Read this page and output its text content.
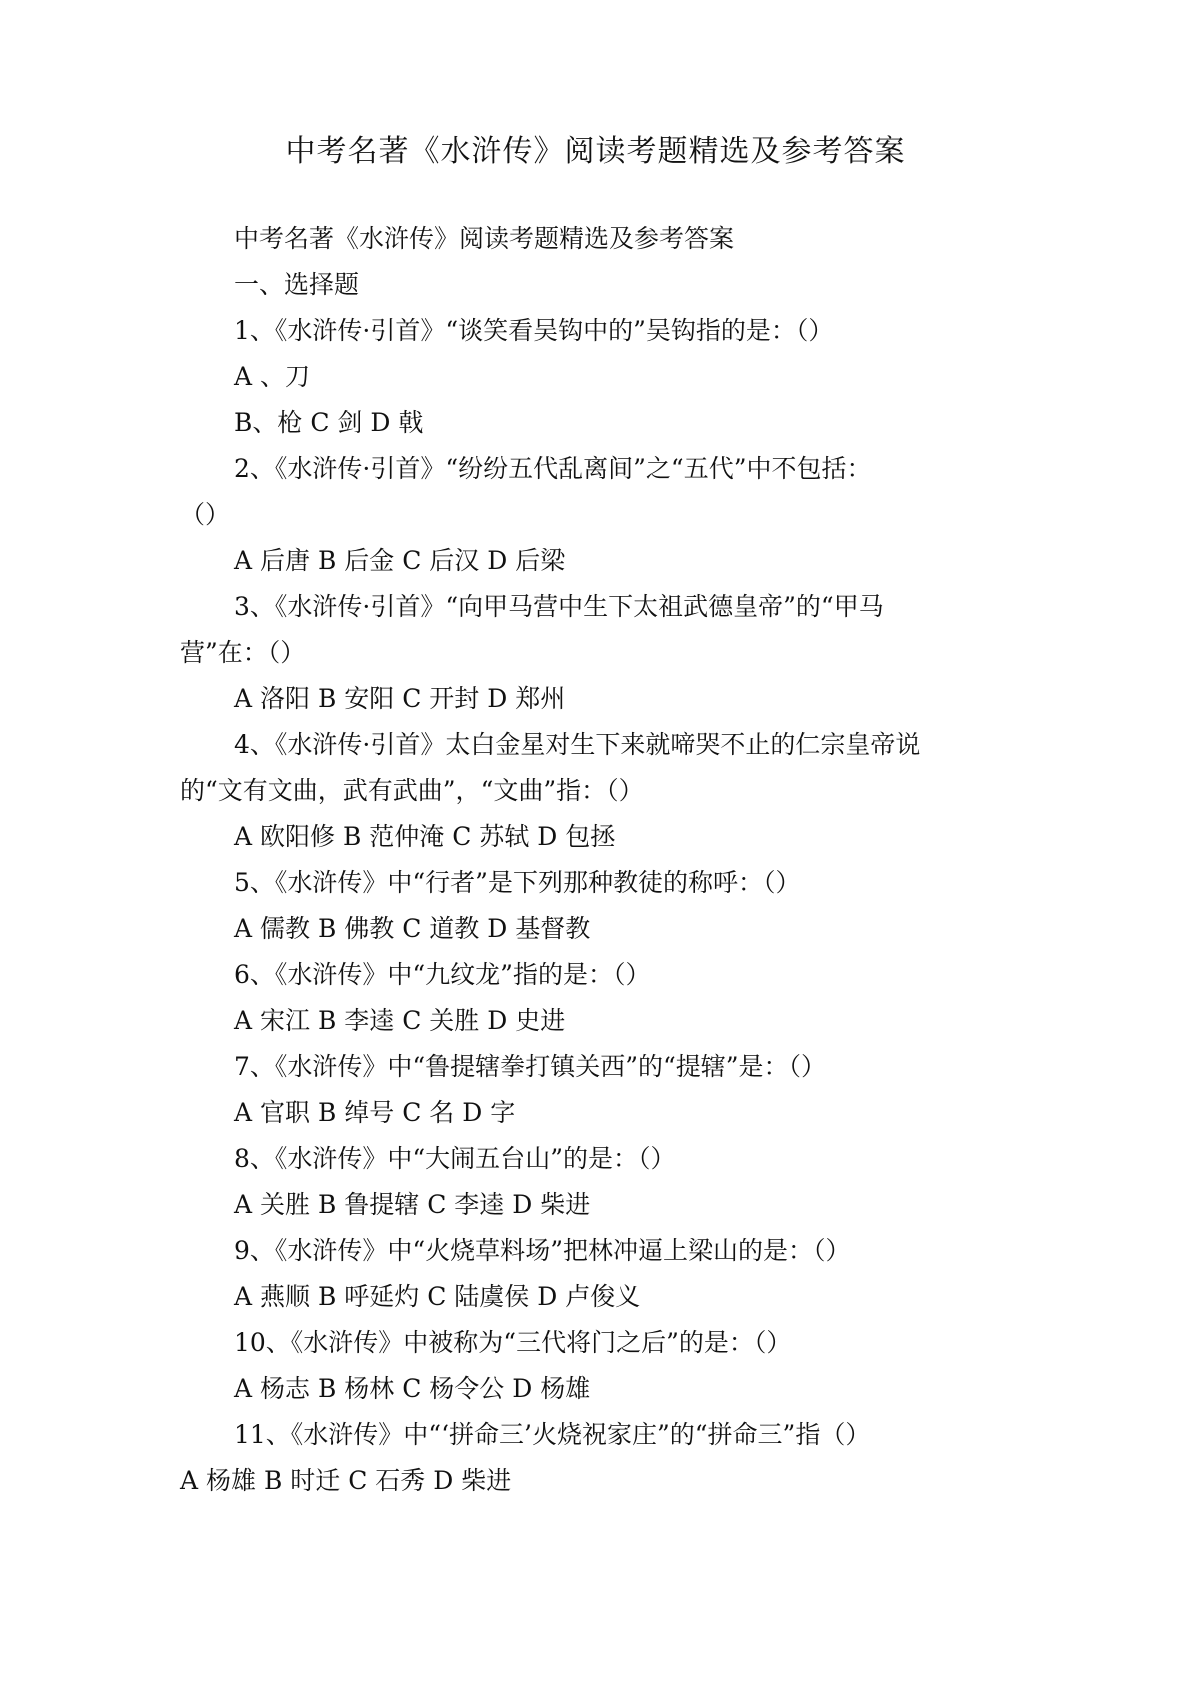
中考名著《水浒传》阅读考题精选及参考答案
中考名著《水浒传》阅读考题精选及参考答案
一、选择题
1、《水浒传·引首》“谈笑看吴钩中的”吴钩指的是：（）
A 、刀
B、枪 C 剑 D 戟
2、《水浒传·引首》“纷纷五代乱离间”之“五代”中不包括：
（）
A 后唐 B 后金 C 后汉 D 后梁
3、《水浒传·引首》“向甲马营中生下太祖武德皇帝”的“甲马
营”在：（）
A 洛阳 B 安阳 C 开封 D 郑州
4、《水浒传·引首》太白金星对生下来就啼哭不止的仁宗皇帝说
的“文有文曲，武有武曲”，“文曲”指：（）
A 欧阳修 B 范仲淹 C 苏轼 D 包拯
5、《水浒传》中“行者”是下列那种教徒的称呼：（）
A 儒教 B 佛教 C 道教 D 基督教
6、《水浒传》中“九纹龙”指的是：（）
A 宋江 B 李逵 C 关胜 D 史进
7、《水浒传》中“鲁提辖拳打镇关西”的“提辖”是：（）
A 官职 B 绰号 C 名 D 字
8、《水浒传》中“大闹五台山”的是：（）
A 关胜 B 鲁提辖 C 李逵 D 柴进
9、《水浒传》中“火烧草料场”把林冲逼上梁山的是：（）
A 燕顺 B 呼延灼 C 陆虞侯 D 卢俊义
10、《水浒传》中被称为“三代将门之后”的是：（）
A 杨志 B 杨林 C 杨令公 D 杨雄
11、《水浒传》中“‘拼命三’火烧祝家庄”的“拼命三”指（）
A 杨雄 B 时迁 C 石秀 D 柴进
